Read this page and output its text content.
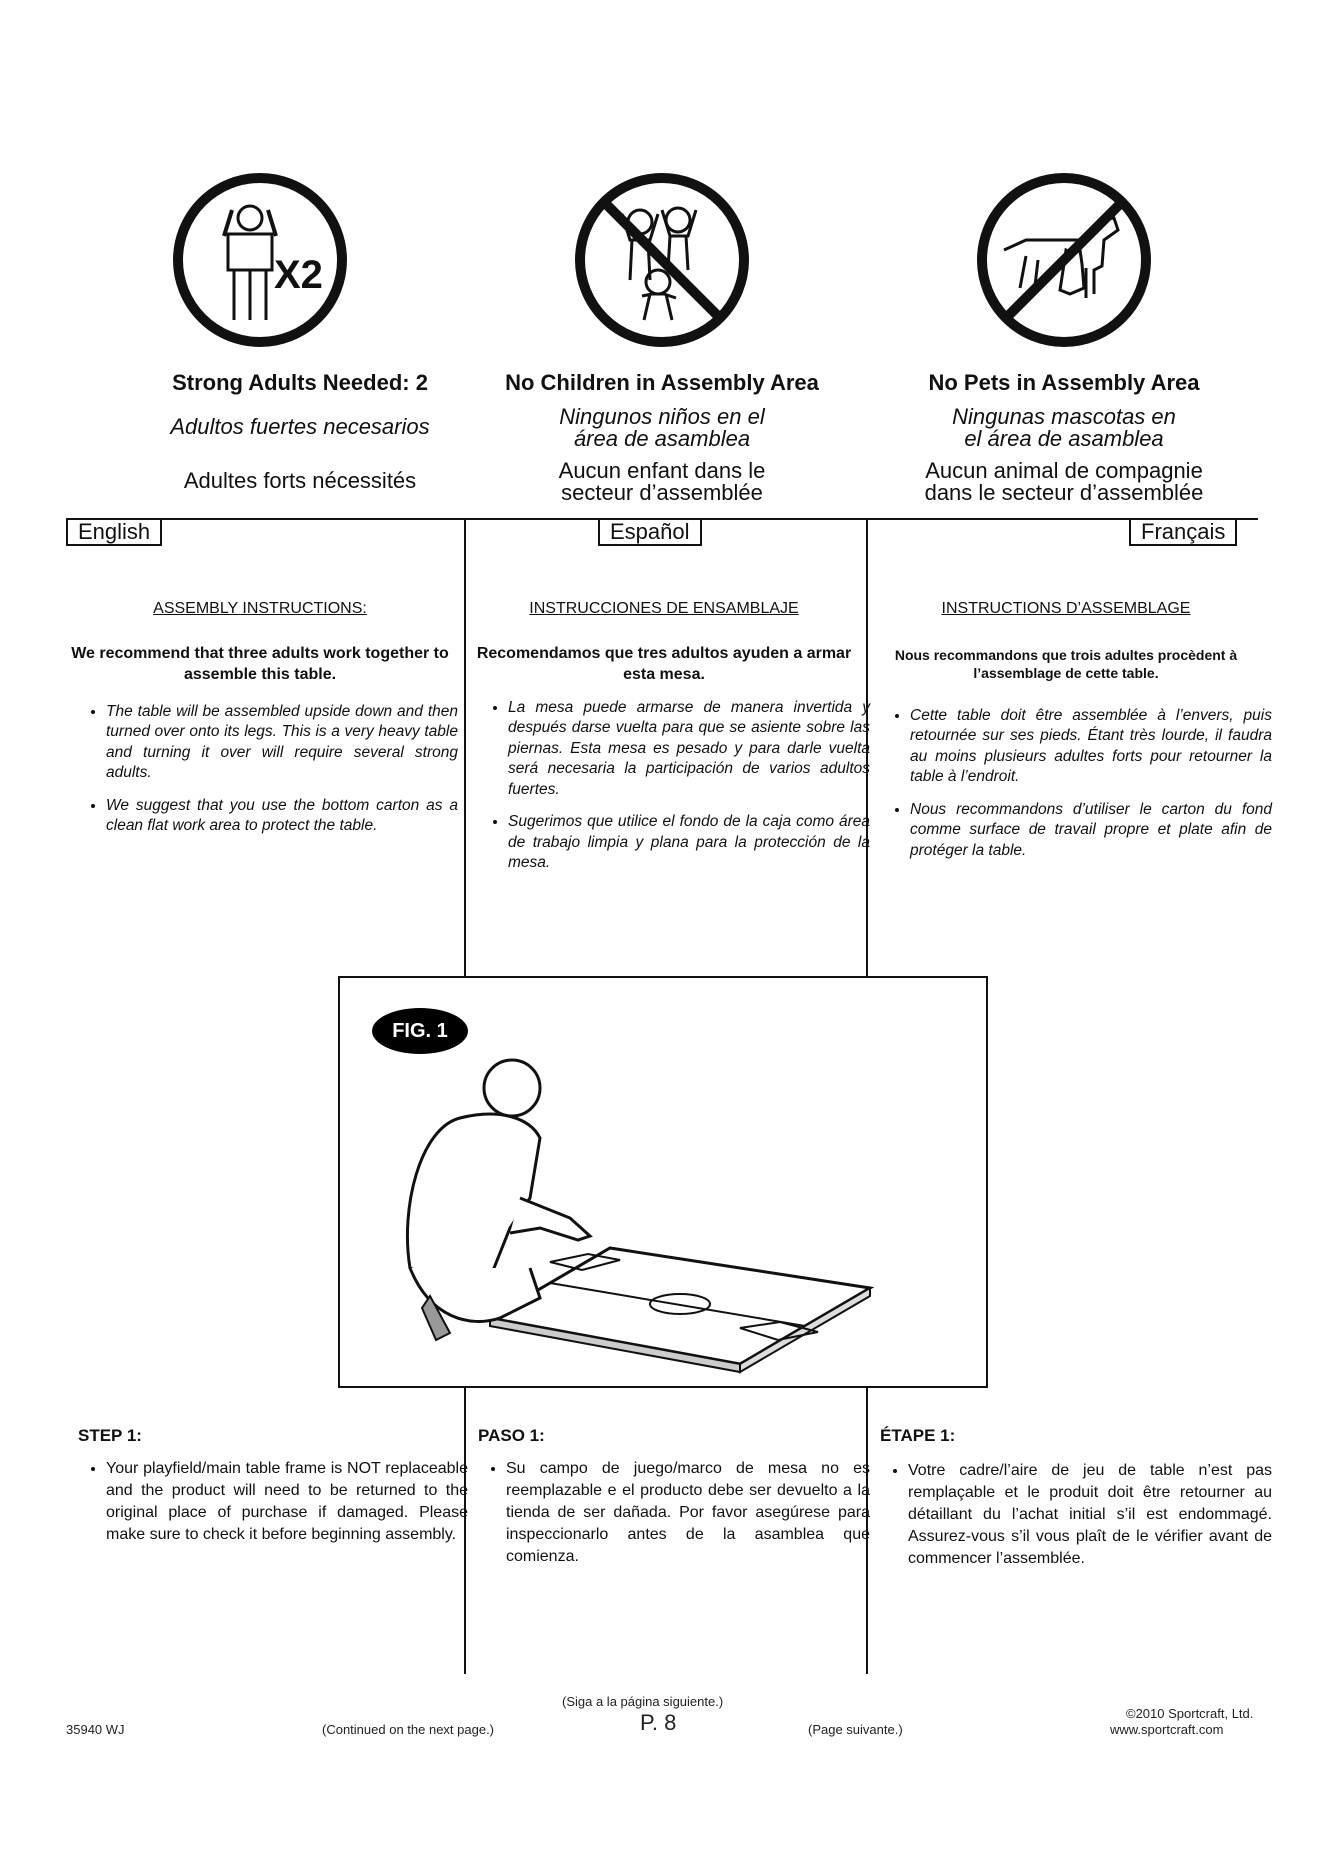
X2
Strong Adults Needed: 2
Adultos fuertes necesarios
Adultes forts nécessités
No Children in Assembly Area
Ningunos niños en el
área de asamblea
Aucun enfant dans le
secteur d’assemblée
No Pets in Assembly Area
Ningunas mascotas en
el área de asamblea
Aucun animal de compagnie
dans le secteur d’assemblée
English	Español	Français
ASSEMBLY INSTRUCTIONS:
We recommend that three adults work together to assemble this table.
• The table will be assembled upside down and then turned over onto its legs. This is a very heavy table and turning it over will require several strong adults.
• We suggest that you use the bottom carton as a clean flat work area to protect the table.
INSTRUCCIONES DE ENSAMBLAJE
Recomendamos que tres adultos ayuden a armar esta mesa.
• La mesa puede armarse de manera invertida y después darse vuelta para que se asiente sobre las piernas. Esta mesa es pesado y para darle vuelta será necesaria la participación de varios adultos fuertes.
• Sugerimos que utilice el fondo de la caja como área de trabajo limpia y plana para la protección de la mesa.
INSTRUCTIONS D’ASSEMBLAGE
Nous recommandons que trois adultes procèdent à l’assemblage de cette table.
• Cette table doit être assemblée à l’envers, puis retournée sur ses pieds. Étant très lourde, il faudra au moins plusieurs adultes forts pour retourner la table à l’endroit.
• Nous recommandons d’utiliser le carton du fond comme surface de travail propre et plate afin de protéger la table.
FIG. 1
STEP 1:
• Your playfield/main table frame is NOT replaceable and the product will need to be returned to the original place of purchase if damaged. Please make sure to check it before beginning assembly.
PASO 1:
• Su campo de juego/marco de mesa no es reemplazable e el producto debe ser devuelto a la tienda de ser dañada. Por favor asegúrese para inspeccionarlo antes de la asamblea que comienza.
ÉTAPE 1:
• Votre cadre/l’aire de jeu de table n’est pas remplaçable et le produit doit être retourner au détaillant du l’achat initial s’il est endommagé. Assurez-vous s’il vous plaît de le vérifier avant de commencer l’assemblée.
35940 WJ	(Continued on the next page.)
(Siga a la página siguiente.)
P. 8	(Page suivante.)
©2010 Sportcraft, Ltd.
www.sportcraft.com
